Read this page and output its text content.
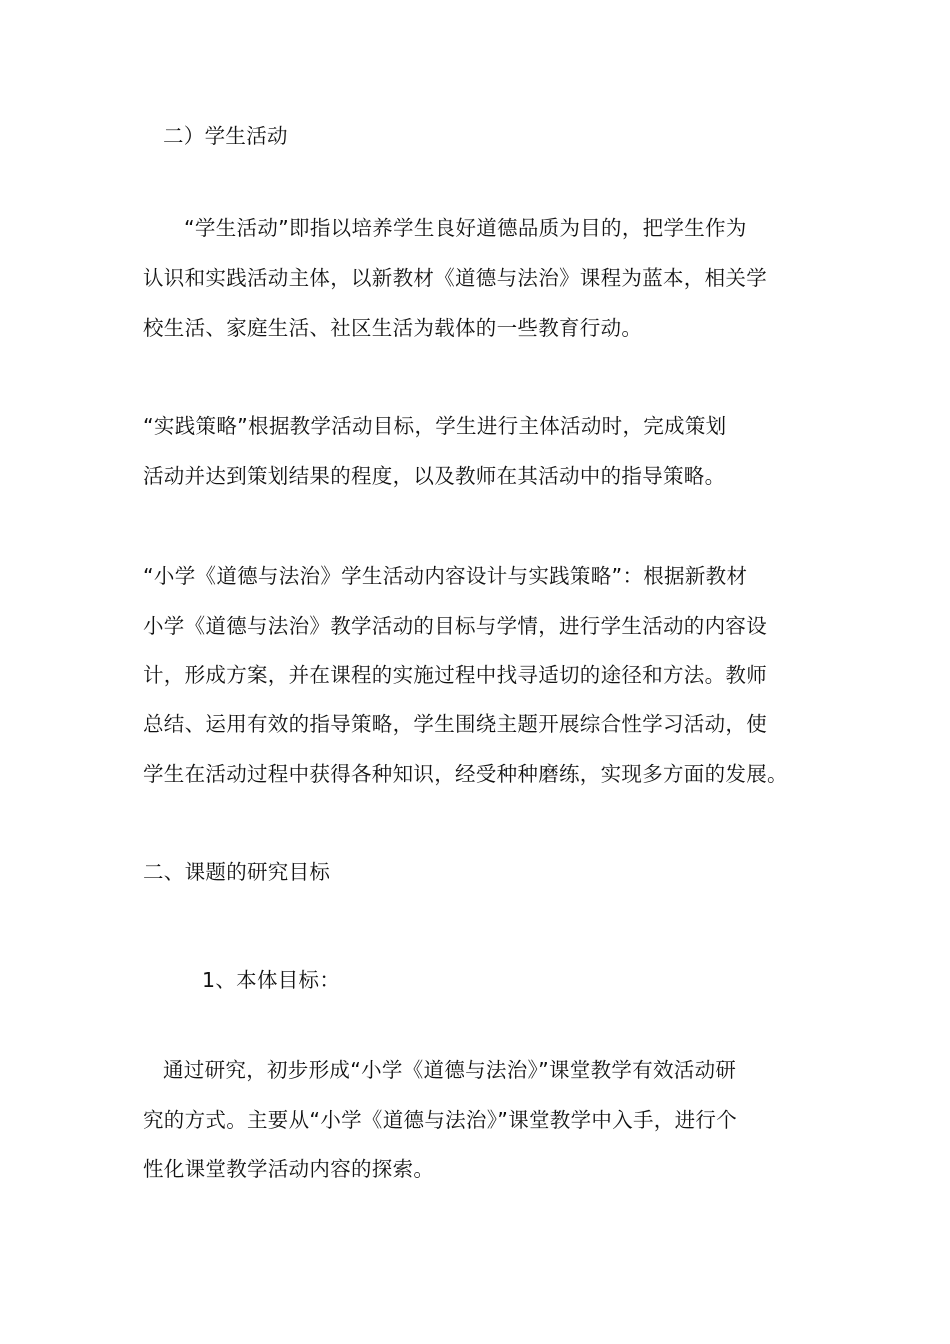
二）学生活动
“学生活动”即指以培养学生良好道德品质为目的，把学生作为
认识和实践活动主体，以新教材《道德与法治》课程为蓝本，相关学
校生活、家庭生活、社区生活为载体的一些教育行动。
“实践策略”根据教学活动目标，学生进行主体活动时，完成策划
活动并达到策划结果的程度，以及教师在其活动中的指导策略。
“小学《道德与法治》学生活动内容设计与实践策略”：根据新教材
小学《道德与法治》教学活动的目标与学情，进行学生活动的内容设
计，形成方案，并在课程的实施过程中找寻适切的途径和方法。教师
总结、运用有效的指导策略，学生围绕主题开展综合性学习活动，使
学生在活动过程中获得各种知识，经受种种磨练，实现多方面的发展。
二、课题的研究目标
1、本体目标：
通过研究，初步形成“小学《道德与法治》”课堂教学有效活动研
究的方式。主要从“小学《道德与法治》”课堂教学中入手，进行个
性化课堂教学活动内容的探索。
